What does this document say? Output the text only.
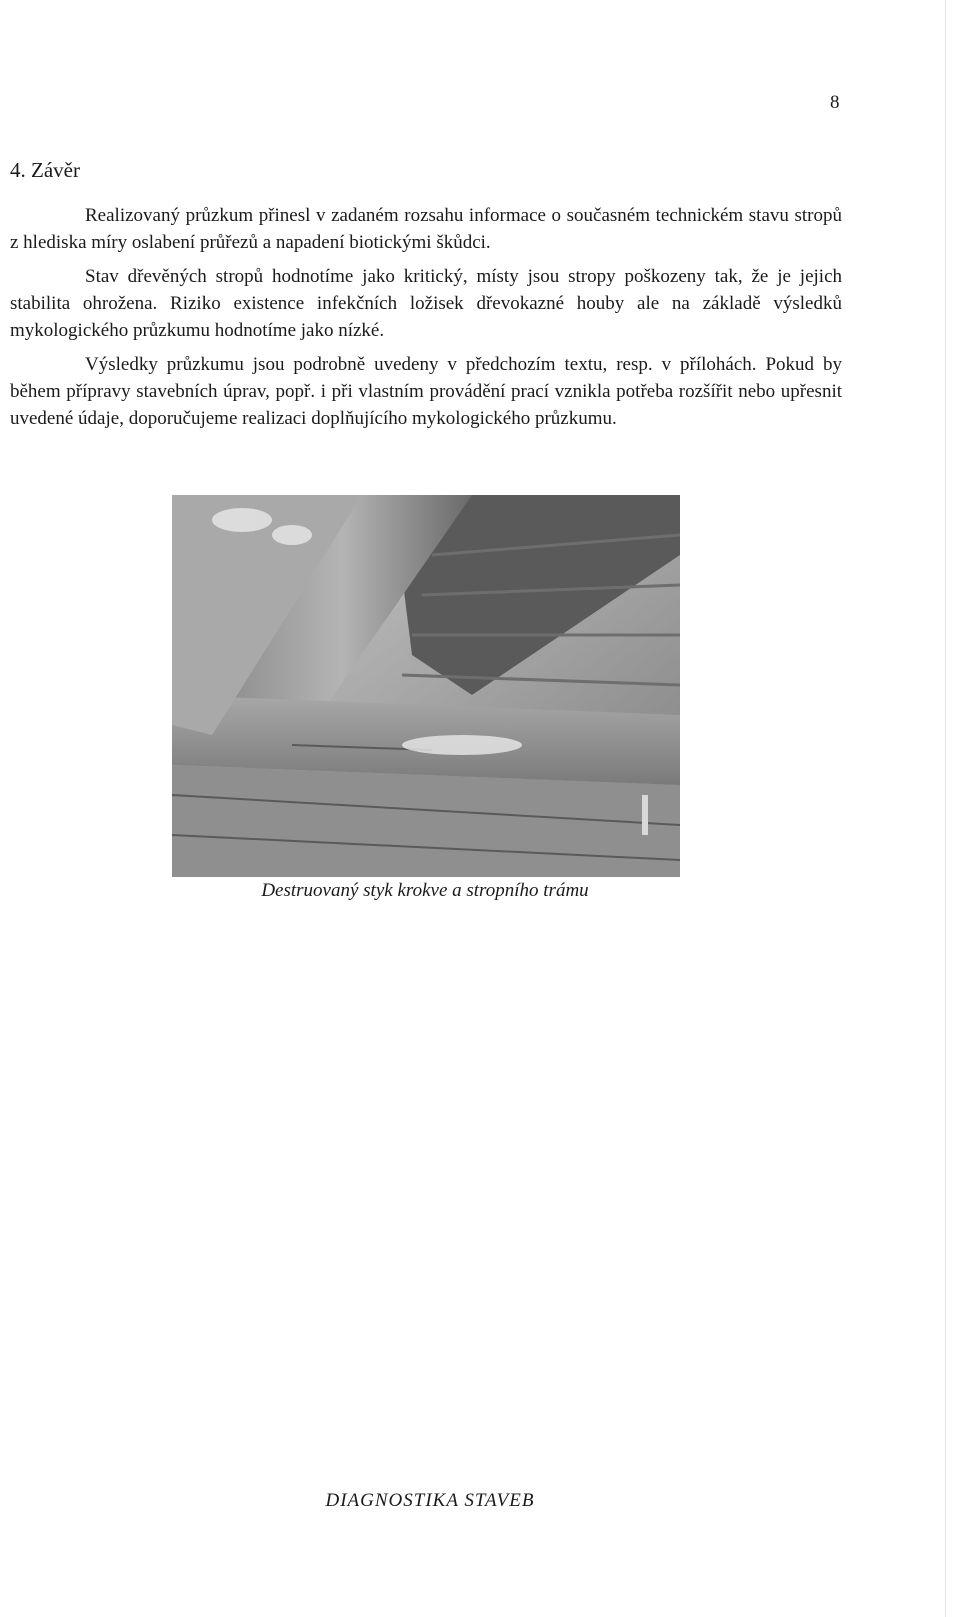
8
4. Závěr

Realizovaný průzkum přinesl v zadaném rozsahu informace o současném technickém stavu stropů z hlediska míry oslabení průřezů a napadení biotickými škůdci.

Stav dřevěných stropů hodnotíme jako kritický, místy jsou stropy poškozeny tak, že je jejich stabilita ohrožena. Riziko existence infekčních ložisek dřevokazné houby ale na základě výsledků mykologického průzkumu hodnotíme jako nízké.

Výsledky průzkumu jsou podrobně uvedeny v předchozím textu, resp. v přílohách. Pokud by během přípravy stavebních úprav, popř. i při vlastním provádění prací vznikla potřeba rozšířit nebo upřesnit uvedené údaje, doporučujeme realizaci doplňujícího mykologického průzkumu.

Destruovaný styk krokve a stropního trámu
DIAGNOSTIKA STAVEB
